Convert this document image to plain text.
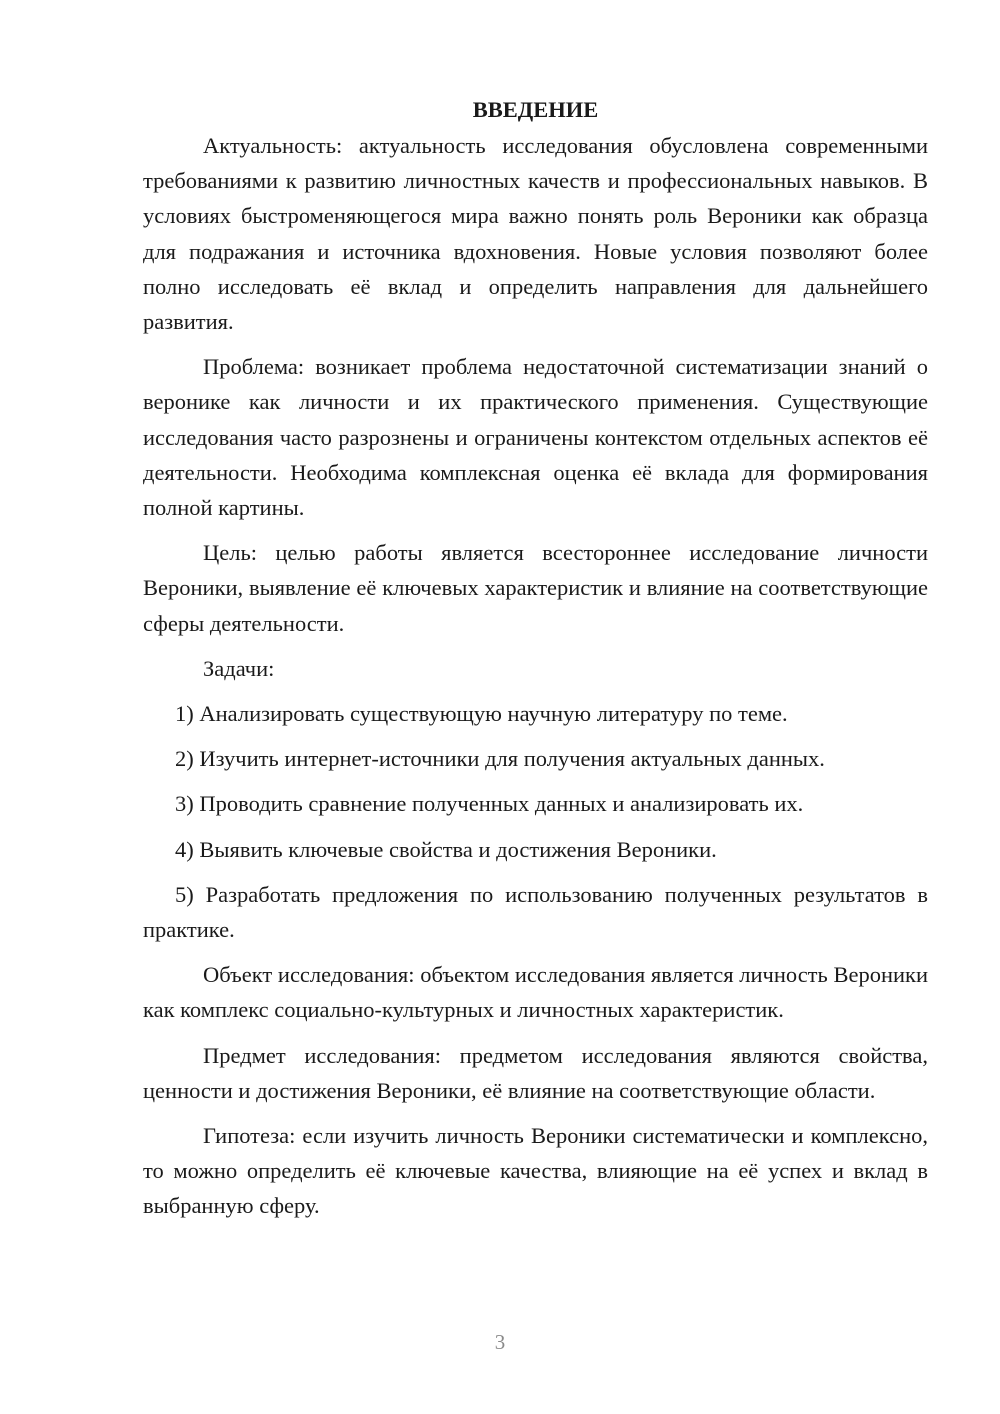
ВВЕДЕНИЕ

Актуальность: актуальность исследования обусловлена современными требованиями к развитию личностных качеств и профессиональных навыков. В условиях быстроменяющегося мира важно понять роль Вероники как образца для подражания и источника вдохновения. Новые условия позволяют более полно исследовать её вклад и определить направления для дальнейшего развития.

Проблема: возникает проблема недостаточной систематизации знаний о веронике как личности и их практического применения. Существующие исследования часто разрознены и ограничены контекстом отдельных аспектов её деятельности. Необходима комплексная оценка её вклада для формирования полной картины.

Цель: целью работы является всестороннее исследование личности Вероники, выявление её ключевых характеристик и влияние на соответствующие сферы деятельности.

Задачи:

1) Анализировать существующую научную литературу по теме.

2) Изучить интернет-источники для получения актуальных данных.

3) Проводить сравнение полученных данных и анализировать их.

4) Выявить ключевые свойства и достижения Вероники.

5) Разработать предложения по использованию полученных результатов в практике.

Объект исследования: объектом исследования является личность Вероники как комплекс социально-культурных и личностных характеристик.

Предмет исследования: предметом исследования являются свойства, ценности и достижения Вероники, её влияние на соответствующие области.

Гипотеза: если изучить личность Вероники систематически и комплексно, то можно определить её ключевые качества, влияющие на её успех и вклад в выбранную сферу.

3
